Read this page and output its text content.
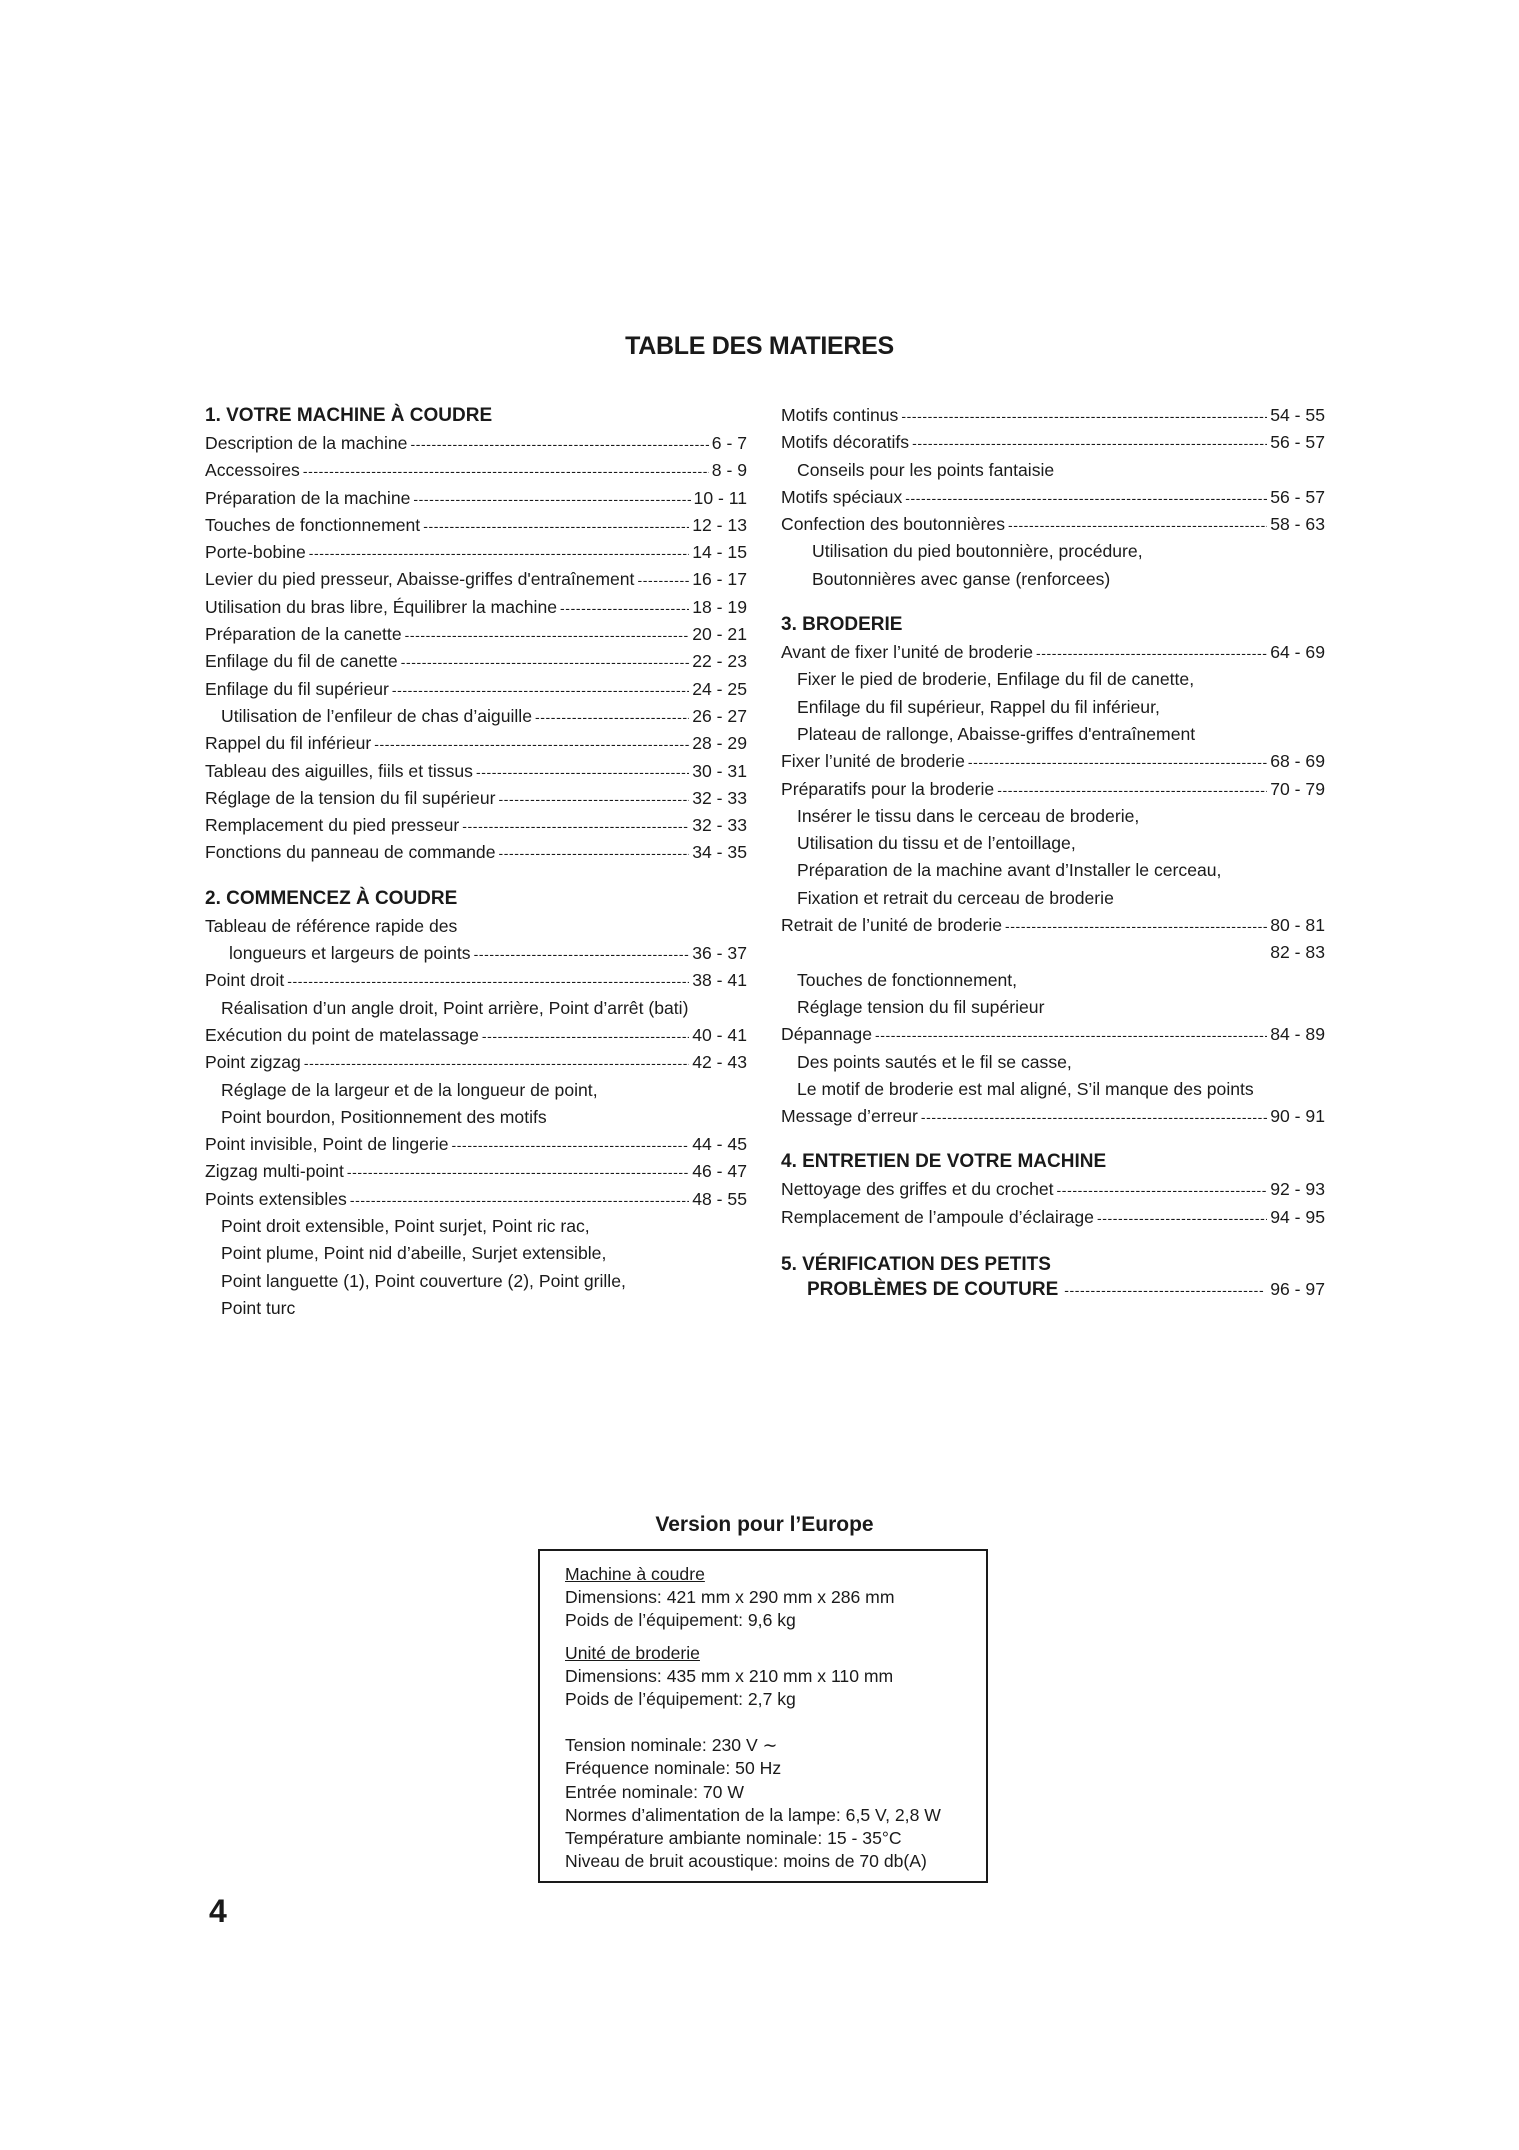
TABLE DES MATIERES
1. VOTRE MACHINE À COUDRE
Description de la machine -----	6 - 7
Accessoires -----	8 - 9
Préparation de la machine -----	10 - 11
Touches de fonctionnement -----	12 - 13
Porte-bobine -----	14 - 15
Levier du pied presseur, Abaisse-griffes d'entraînement -----	16 - 17
Utilisation du bras libre, Équilibrer la machine -----	18 - 19
Préparation de la canette -----	20 - 21
Enfilage du fil de canette -----	22 - 23
Enfilage du fil supérieur -----	24 - 25
Utilisation de l’enfileur de chas d’aiguille -----	26 - 27
Rappel du fil inférieur -----	28 - 29
Tableau des aiguilles, fiils et tissus -----	30 - 31
Réglage de la tension du fil supérieur -----	32 - 33
Remplacement du pied presseur -----	32 - 33
Fonctions du panneau de commande -----	34 - 35
2. COMMENCEZ À COUDRE
Tableau de référence rapide des
longueurs et largeurs de points -----	36 - 37
Point droit -----	38 - 41
Réalisation d’un angle droit, Point arrière, Point d’arrêt (bati)
Exécution du point de matelassage -----	40 - 41
Point zigzag -----	42 - 43
Réglage de la largeur et de la longueur de point,
Point bourdon, Positionnement des motifs
Point invisible, Point de lingerie -----	44 - 45
Zigzag multi-point -----	46 - 47
Points extensibles -----	48 - 55
Point droit extensible, Point surjet, Point ric rac,
Point plume, Point nid d’abeille, Surjet extensible,
Point languette (1), Point couverture (2), Point grille,
Point turc
Motifs continus -----	54 - 55
Motifs décoratifs -----	56 - 57
Conseils pour les points fantaisie
Motifs spéciaux -----	56 - 57
Confection des boutonnières -----	58 - 63
Utilisation du pied boutonnière, procédure,
Boutonnières avec ganse (renforcees)
3. BRODERIE
Avant de fixer l’unité de broderie -----	64 - 69
Fixer le pied de broderie, Enfilage du fil de canette,
Enfilage du fil supérieur, Rappel du fil inférieur,
Plateau de rallonge, Abaisse-griffes d'entraînement
Fixer l’unité de broderie -----	68 - 69
Préparatifs pour la broderie -----	70 - 79
Insérer le tissu dans le cerceau de broderie,
Utilisation du tissu et de l’entoillage,
Préparation de la machine avant d’Installer le cerceau,
Fixation et retrait du cerceau de broderie
Retrait de l’unité de broderie -----	80 - 81
82 - 83
Touches de fonctionnement,
Réglage tension du fil supérieur
Dépannage -----	84 - 89
Des points sautés et le fil se casse,
Le motif de broderie est mal aligné, S’il manque des points
Message d’erreur -----	90 - 91
4. ENTRETIEN DE VOTRE MACHINE
Nettoyage des griffes et du crochet -----	92 - 93
Remplacement de l’ampoule d’éclairage -----	94 - 95
5. VÉRIFICATION DES PETITS
PROBLÈMES DE COUTURE -----	96 - 97
Version pour l’Europe
Machine à coudre
Dimensions: 421 mm x 290 mm x 286 mm
Poids de l’équipement: 9,6 kg
Unité de broderie
Dimensions: 435 mm x 210 mm x 110 mm
Poids de l’équipement: 2,7 kg
Tension nominale: 230 V ∼
Fréquence nominale: 50 Hz
Entrée nominale: 70 W
Normes d’alimentation de la lampe: 6,5 V, 2,8 W
Température ambiante nominale: 15 - 35°C
Niveau de bruit acoustique: moins de 70 db(A)
4
